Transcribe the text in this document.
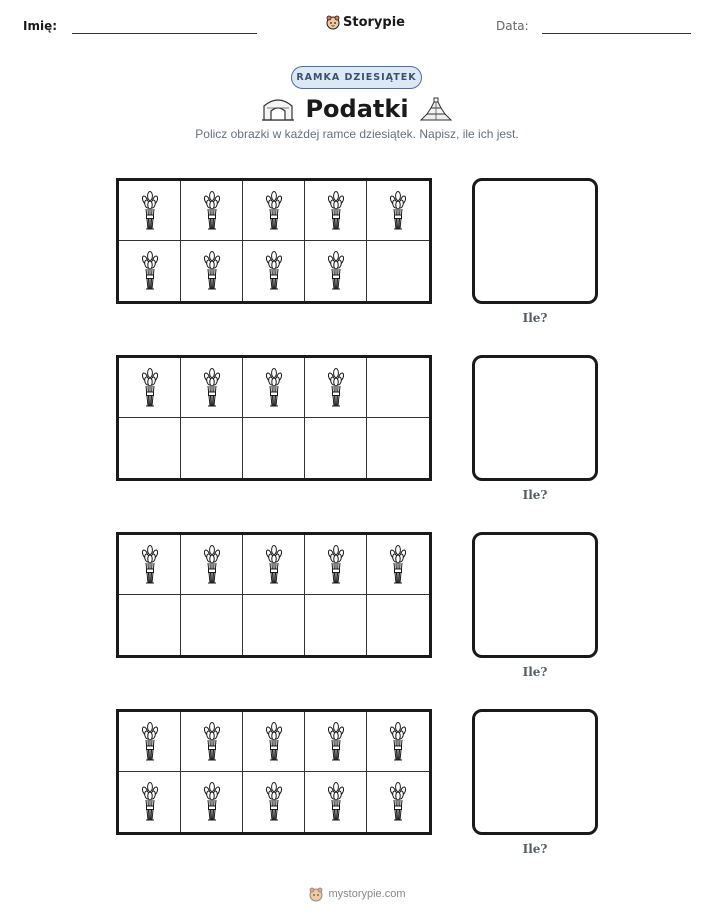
Imię:	Storypie	Data:
RAMKA DZIESIĄTEK
Podatki
Policz obrazki w każdej ramce dziesiątek. Napisz, ile ich jest.
Ile?
Ile?
Ile?
Ile?
mystorypie.com
